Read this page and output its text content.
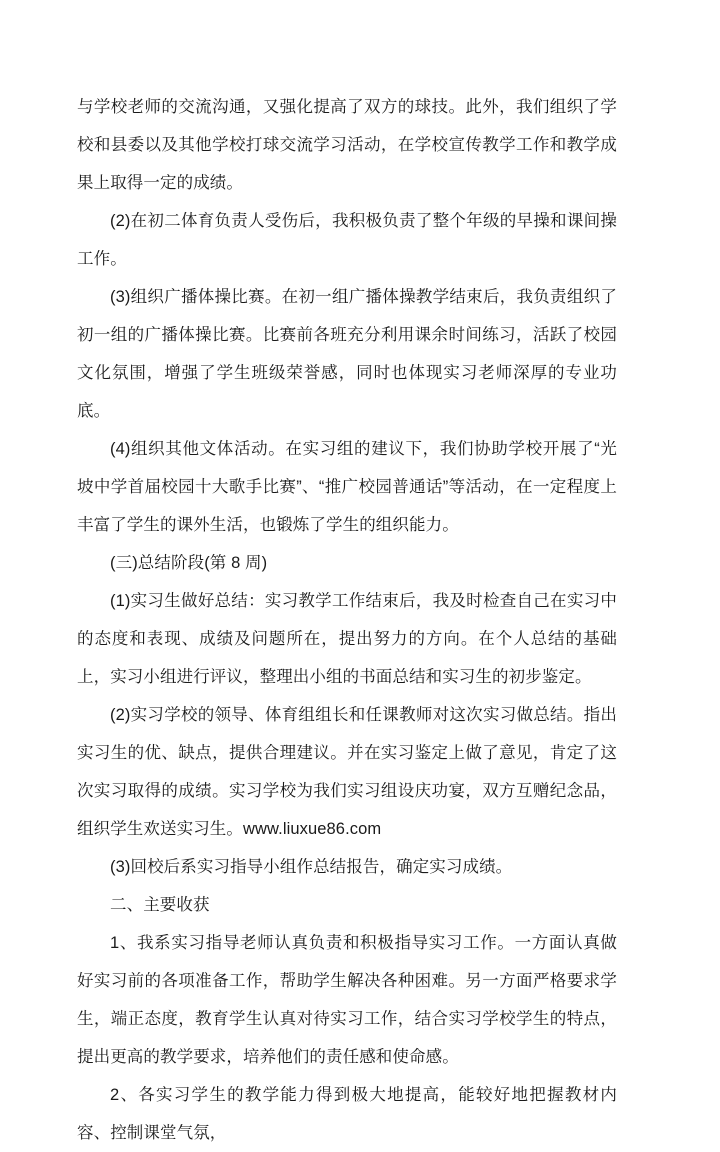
与学校老师的交流沟通，又强化提高了双方的球技。此外，我们组织了学校和县委以及其他学校打球交流学习活动，在学校宣传教学工作和教学成果上取得一定的成绩。

(2)在初二体育负责人受伤后，我积极负责了整个年级的早操和课间操工作。

(3)组织广播体操比赛。在初一组广播体操教学结束后，我负责组织了初一组的广播体操比赛。比赛前各班充分利用课余时间练习，活跃了校园文化氛围，增强了学生班级荣誉感，同时也体现实习老师深厚的专业功底。

(4)组织其他文体活动。在实习组的建议下，我们协助学校开展了“光坡中学首届校园十大歌手比赛”、“推广校园普通话”等活动，在一定程度上丰富了学生的课外生活，也锻炼了学生的组织能力。

(三)总结阶段(第 8 周)

(1)实习生做好总结：实习教学工作结束后，我及时检查自己在实习中的态度和表现、成绩及问题所在，提出努力的方向。在个人总结的基础上，实习小组进行评议，整理出小组的书面总结和实习生的初步鉴定。

(2)实习学校的领导、体育组组长和任课教师对这次实习做总结。指出实习生的优、缺点，提供合理建议。并在实习鉴定上做了意见，肯定了这次实习取得的成绩。实习学校为我们实习组设庆功宴，双方互赠纪念品，组织学生欢送实习生。www.liuxue86.com

(3)回校后系实习指导小组作总结报告，确定实习成绩。

二、主要收获

1、我系实习指导老师认真负责和积极指导实习工作。一方面认真做好实习前的各项准备工作，帮助学生解决各种困难。另一方面严格要求学生，端正态度，教育学生认真对待实习工作，结合实习学校学生的特点，提出更高的教学要求，培养他们的责任感和使命感。

2、各实习学生的教学能力得到极大地提高，能较好地把握教材内容、控制课堂气氛，
